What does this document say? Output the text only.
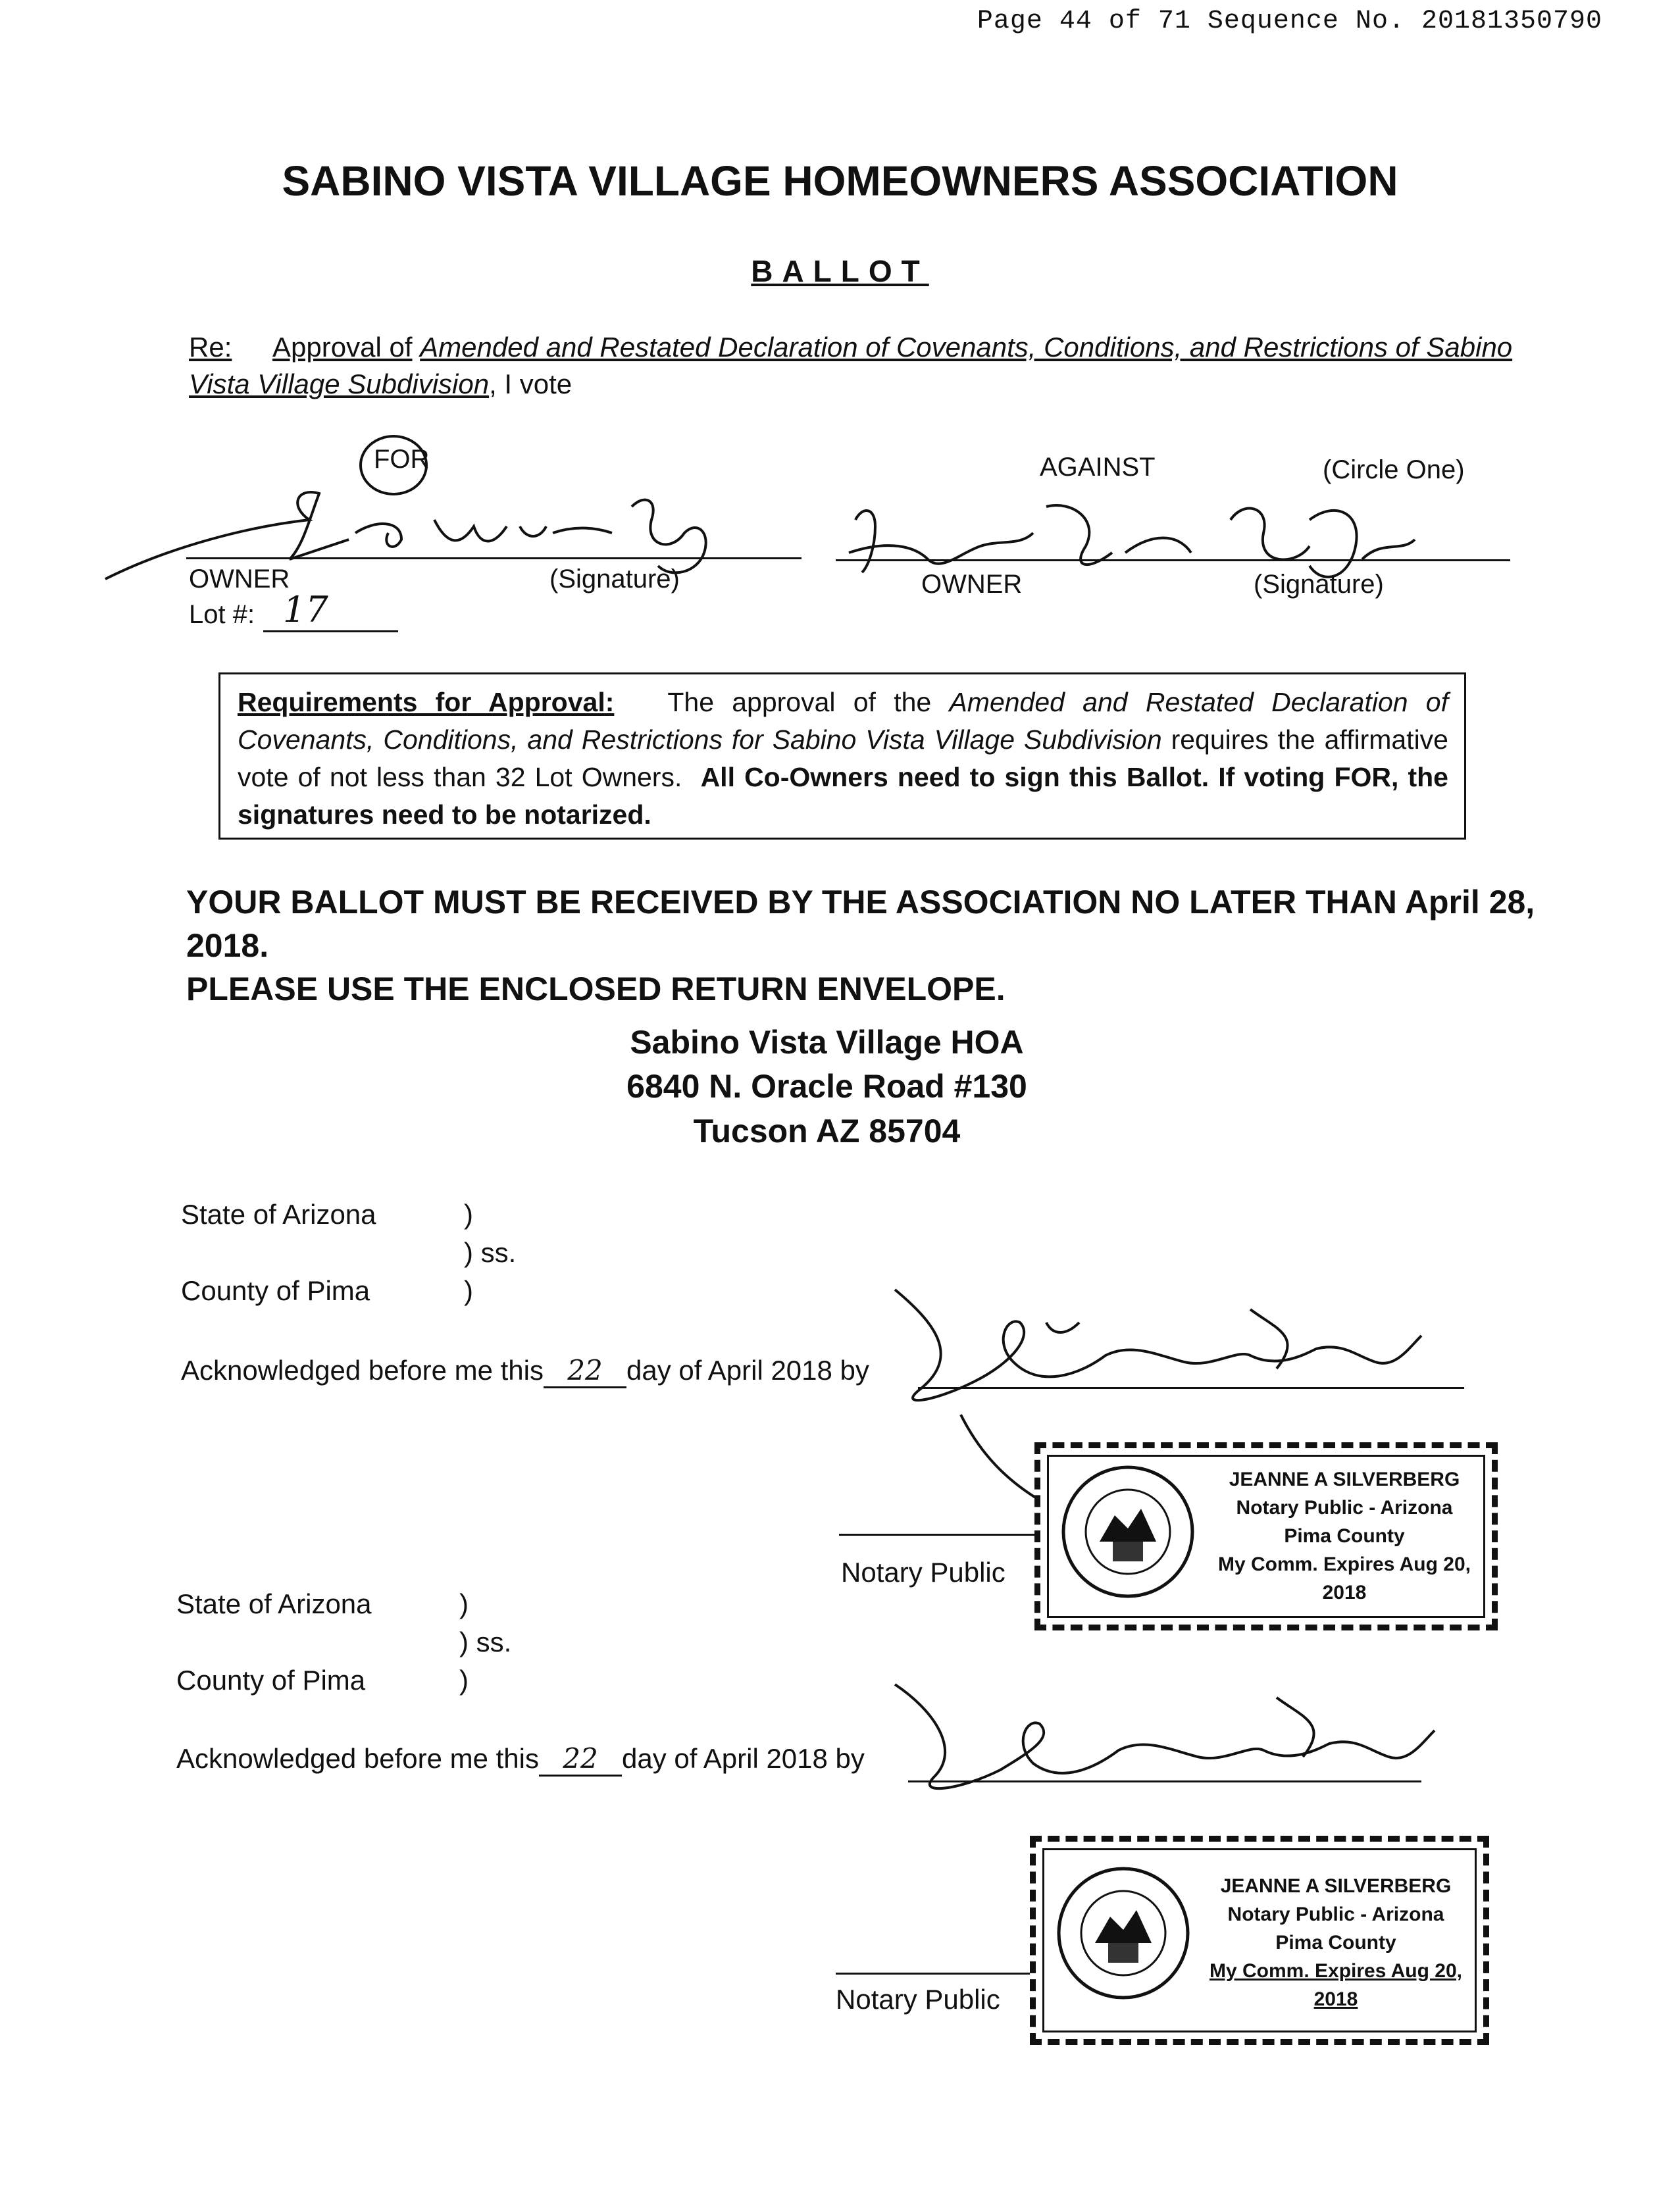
Page 44 of 71 Sequence No. 20181350790
SABINO VISTA VILLAGE HOMEOWNERS ASSOCIATION
BALLOT
Re: Approval of Amended and Restated Declaration of Covenants, Conditions, and Restrictions of Sabino Vista Village Subdivision, I vote
FOR	AGAINST	(Circle One)
OWNER	(Signature)	OWNER	(Signature)
Lot #: 17

Requirements for Approval: The approval of the Amended and Restated Declaration of Covenants, Conditions, and Restrictions for Sabino Vista Village Subdivision requires the affirmative vote of not less than 32 Lot Owners. All Co-Owners need to sign this Ballot. If voting FOR, the signatures need to be notarized.

YOUR BALLOT MUST BE RECEIVED BY THE ASSOCIATION NO LATER THAN April 28, 2018.
PLEASE USE THE ENCLOSED RETURN ENVELOPE.
Sabino Vista Village HOA
6840 N. Oracle Road #130
Tucson AZ 85704
State of Arizona	)
) ss.
County of Pima	)
Acknowledged before me this 22 day of April 2018 by
Notary Public
JEANNE A SILVERBERG
Notary Public - Arizona
Pima County
My Comm. Expires Aug 20, 2018
State of Arizona	)
) ss.
County of Pima	)
Acknowledged before me this 22 day of April 2018 by
Notary Public
JEANNE A SILVERBERG
Notary Public - Arizona
Pima County
My Comm. Expires Aug 20, 2018
